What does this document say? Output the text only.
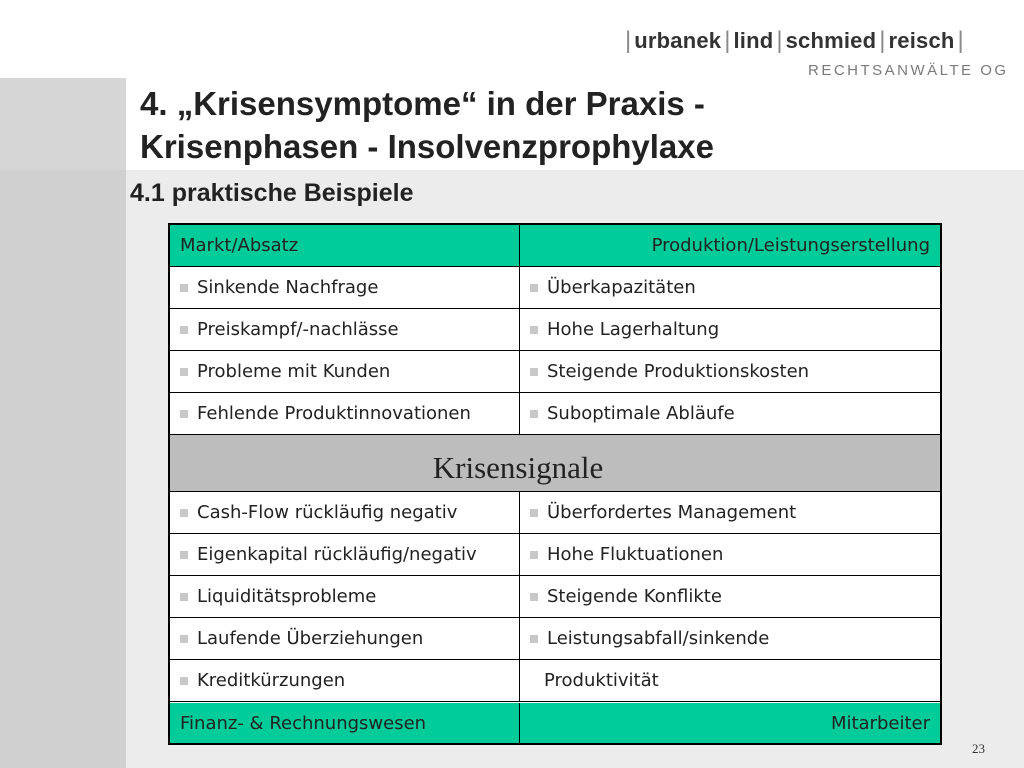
| urbanek | lind | schmied | reisch |
RECHTSANWÄLTE OG
4. „Krisensymptome“ in der Praxis -
Krisenphasen - Insolvenzprophylaxe
4.1 praktische Beispiele
Markt/Absatz	Produktion/Leistungserstellung
Sinkende Nachfrage	Überkapazitäten
Preiskampf/-nachlässe	Hohe Lagerhaltung
Probleme mit Kunden	Steigende Produktionskosten
Fehlende Produktinnovationen	Suboptimale Abläufe
Krisensignale
Cash-Flow rückläufig negativ	Überfordertes Management
Eigenkapital rückläufig/negativ	Hohe Fluktuationen
Liquiditätsprobleme	Steigende Konflikte
Laufende Überziehungen	Leistungsabfall/sinkende
Kreditkürzungen	Produktivität
Finanz- & Rechnungswesen	Mitarbeiter
23
